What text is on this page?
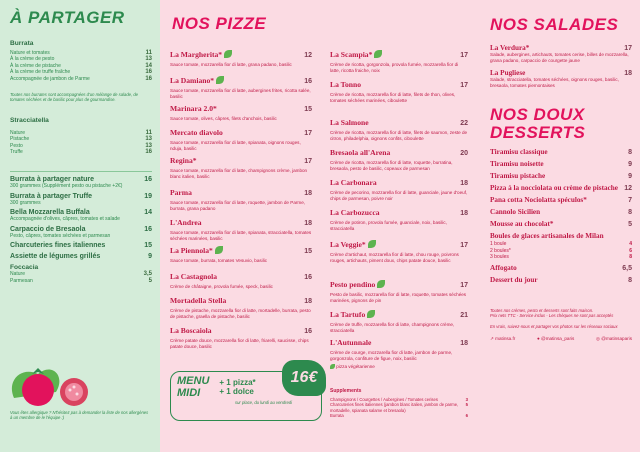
À PARTAGER
Burrata
Nature et tomates	11
À la crème de pesto	13
À la crème de pistache	14
À la crème de truffe fraîche	16
Accompagnée de jambon de Parme	16
Toutes nos burrates sont accompagnées d'un mélange de salade, de tomates séchées et de basilic pour plus de gourmandise.
Stracciatella
Nature	11
Pistache	13
Pesto	13
Truffe	16
Burrata à partager nature	16
300 grammes (Supplément pesto ou pistache +2€)
Burrata à partager Truffe	19
300 grammes
Bella Mozzarella Buffala	14
Accompagnée d'olives, câpres, tomates et salade
Carpaccio de Bresaola	16
Pesto, câpres, tomates séchées et parmesan
Charcuteries fines italiennes	15
Assiette de légumes grillés	9
Foccacia
Nature	3,5
Parmesan	5
Vous êtes allergique ? N'hésitez pas à demander la liste de nos allergènes à un membre de le l'équipe :)
NOS PIZZE
La Margherita*	12
Sauce tomate, mozzarella fior di latte, grana padano, basilic
La Damiano*	16
Sauce tomate, mozzarella fior di latte, aubergines frites, ricotta salée, basilic
Marinara 2.0*	15
Sauce tomate, olives, câpres, filets d'anchois, basilic
Mercato diavolo	17
Sauce tomate, mozzarella fior di latte, spianata, oignons rouges, nduja, basilic
Regina*	17
Sauce tomate, mozzarella fior di latte, champignons crème, jambon blanc italien, basilic
Parma	18
Sauce tomate, mozzarella fior di latte, roquette, jambon de Parme, burrata, grana padano
L'Andrea	18
Sauce tomate, mozzarella fior di latte, spianata, stracciatella, tomates séchées marinées, basilic
La Piennola*	15
Sauce tomate, burrata, tomates Vesuvio, basilic
La Castagnola	16
Crème de châtaigne, provola fumée, speck, basilic
Mortadella Stella	18
Crème de pistache, mozzarella fior di latte, mortadelle, burrata, pesto de pistache, graella de pistache, basilic
La Boscaiola	16
Crème patate douce, mozzarella fior di latte, friarelli, saucisse, chips patate douce, basilic
La Scampia*	17
Crème de ricotta, gorgonzola, provola fumée, mozzarella fior di latte, ricotta fraiche, noix
La Tonno	17
Crème de ricotta, mozzarella fior di latte, filets de thon, olives, tomates séchées marinées, ciboulette
La Salmone	22
Crème de ricotta, mozzarella fior di latte, filets de saumon, zeste de citron, philadelphia, oignons confits, ciboulette
Bresaola all'Arena	20
Crème de ricotta, mozzarella fior di latte, roquette, burratina, bresaola, pesto de basilic, copeaux de parmesan
La Carbonara	18
Crème de pecorino, mozzarella fior di latte, guanciale, jaune d'oeuf, chips de parmesan, poivre noir
La Carbozucca	18
Crème de potiron, provola fumée, guanciale, noix, basilic, stracciatella
La Veggie*	17
Crème d'artichaut, mozzarella fior di latte, chou rouge, poivrons rouges, artichauts, piment doux, chips patate douce, basilic
Pesto pendino	17
Pesto de basilic, mozzarella fior di latte, roquette, tomates séchées marinées, pignons de pin
La Tartufo	21
Crème de truffe, mozzarella fior di latte, champignons crème, stracciatella
L'Autunnale	18
Crème de courge, mozzarella fior di latte, jambon de parme, gorgonzola, confiture de figue, noix, basilic
pizza végétarienne
Supplements
Champignons / Courgettes / Aubergines / Tomates cerises	3
Charcuteries fines italiennes (jambon blanc italien, jambon de parme, mortadelle, spianata salame et bresaola)
5
Burrata	6
MENU
MIDI
+ 1 pizza*
+ 1 dolce
sur place, du lundi au vendredi
16€
NOS SALADES
La Verdura*	17
Salade, aubergines, artichauts, tomates cerise, billes de mozzarella, grana padano, carpaccio de courgette jaune
La Pugliese	18
Salade, stracciatella, tomates séchées, oignons rouges, basilic, bresaola, tomates piemontaises
NOS DOUX
DESSERTS
Tiramisu classique	8
Tiramisu noisette	9
Tiramisu pistache	9
Pizza à la nocciolata ou crème de pistache 12
Pana cotta Nociolatta spéculos*	7
Cannolo Sicilien	8
Mousse au chocolat*	5
Boules de glaces artisanales de Milan
1 boule	4
2 boules*	6
3 boules	8
Affogato	6,5
Dessert du jour	8
Toutes nos crèmes, pesto et desserts sont faits maison.
Prix nets TTC - Service inclus - Les chèques ne sont pas acceptés
En vrais, suivez-nous et partager vos photos sur les réseaux sociaux
↗ matinsa.fr	● @matinsa_paris	◎ @matinsaparis
